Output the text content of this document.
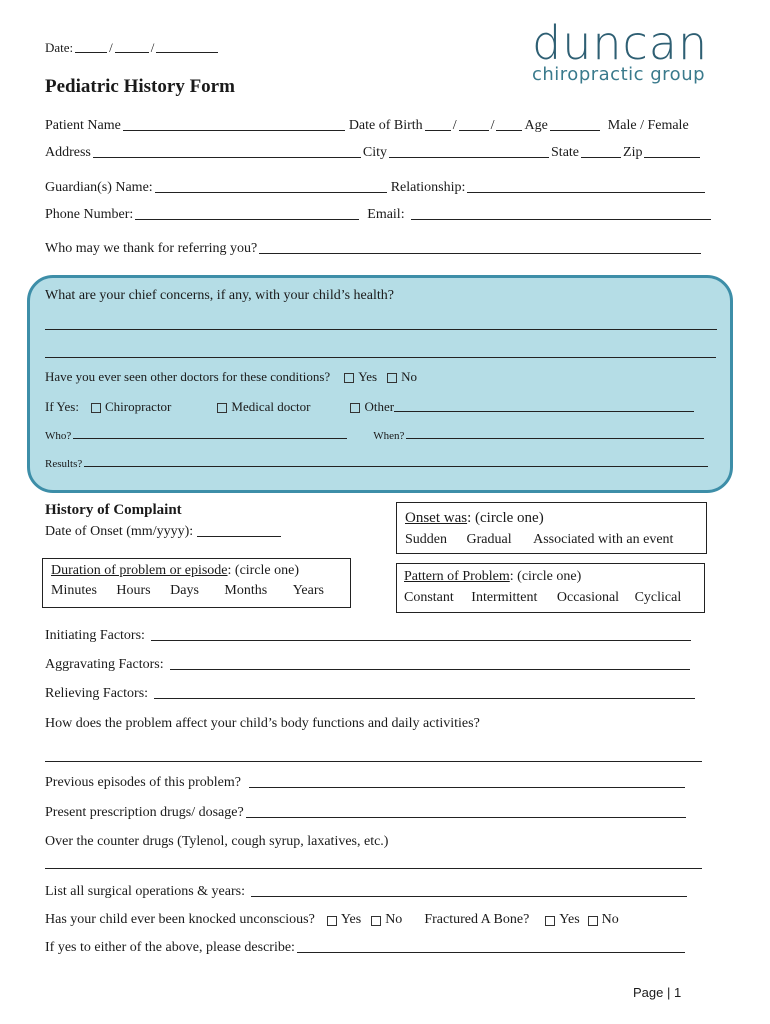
Date:	/	/
Pediatric History Form
duncan
chiropractic group
Patient Name	Date of Birth / / Age	Male / Female
Address	City	State	Zip
Guardian(s) Name:	Relationship:
Phone Number:	Email:
Who may we thank for referring you?
What are your chief concerns, if any, with your child’s health?
Have you ever seen other doctors for these conditions? Yes No
If Yes: Chiropractor	Medical doctor	Other
Who?	When?
Results?
History of Complaint
Date of Onset (mm/yyyy):
Onset was: (circle one)
Sudden Gradual Associated with an event
Duration of problem or episode: (circle one)
Minutes Hours Days Months Years
Pattern of Problem: (circle one)
Constant Intermittent Occasional Cyclical
Initiating Factors:
Aggravating Factors:
Relieving Factors:
How does the problem affect your child’s body functions and daily activities?
Previous episodes of this problem?
Present prescription drugs/ dosage?
Over the counter drugs (Tylenol, cough syrup, laxatives, etc.)
List all surgical operations & years:
Has your child ever been knocked unconscious? Yes No Fractured A Bone? Yes No
If yes to either of the above, please describe:
Page | 1
